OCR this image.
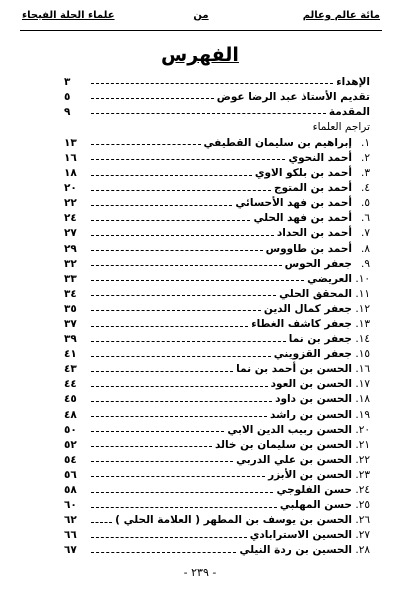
مائة عالم وعالم
من
علماء الحلة الفيحاء
الفهرس
الإهداء
٣
تقديم الأستاذ عبد الرضا عوض
٥
المقدمة
٩
تراجم العلماء
١.
إبراهيم بن سليمان القطيفي
١٣
٢.
أحمد النحوي
١٦
٣.
أحمد بن بلكو الاوي
١٨
٤.
أحمد بن المتوج
٢٠
٥.
أحمد بن فهد الأحسائي
٢٢
٦.
أحمد بن فهد الحلي
٢٤
٧.
أحمد بن الحداد
٢٧
٨.
أحمد بن طاووس
٢٩
٩.
جعفر الحوس
٣٢
١٠.
العريضي
٣٣
١١.
المحقق الحلي
٣٤
١٢.
جعفر كمال الدين
٣٥
١٣.
جعفر كاشف الغطاء
٣٧
١٤.
جعفر بن نما
٣٩
١٥.
جعفر القزويني
٤١
١٦.
الحسن بن أحمد بن نما
٤٣
١٧.
الحسن بن العود
٤٤
١٨.
الحسن بن داود
٤٥
١٩.
الحسن بن راشد
٤٨
٢٠.
الحسن ربيب الدين الابي
٥٠
٢١.
الحسن بن سليمان بن خالد
٥٢
٢٢.
الحسن بن علي الدربي
٥٤
٢٣.
الحسن بن الأبزر
٥٦
٢٤.
حسن الفلوجي
٥٨
٢٥.
حسن المهلبي
٦٠
٢٦.
الحسن بن يوسف بن المطهر ( العلامة الحلي )
٦٢
٢٧.
الحسين الاسترابادي
٦٦
٢٨.
الحسين بن ردة النيلي
٦٧
- ٢٣٩ -
